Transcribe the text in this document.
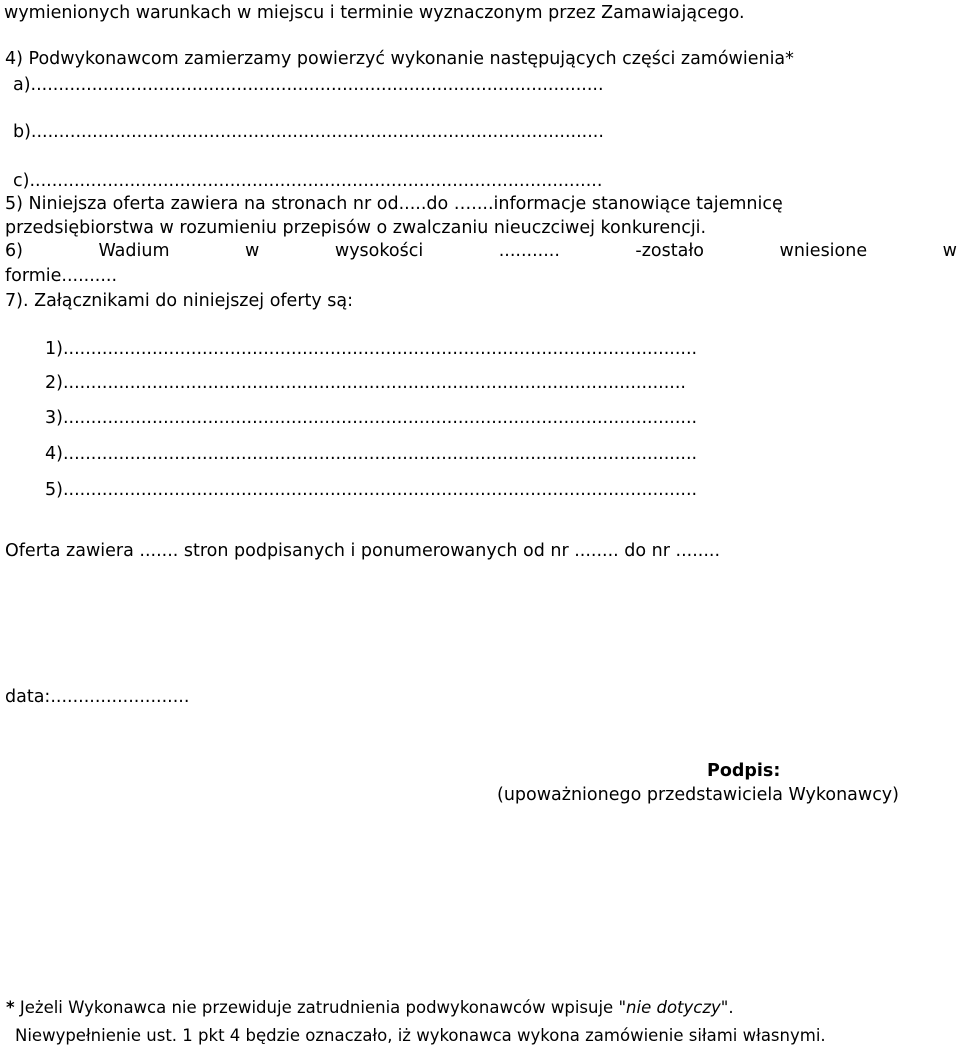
wymienionych warunkach w miejscu i terminie wyznaczonym przez Zamawiającego.

4) Podwykonawcom zamierzamy powierzyć wykonanie następujących części zamówienia*

a).......................................................................................................

b).......................................................................................................

c).......................................................................................................

5) Niniejsza oferta zawiera na stronach nr od.....do …....informacje stanowiące tajemnicę

przedsiębiorstwa w rozumieniu przepisów o zwalczaniu nieuczciwej konkurencji.

6)	Wadium	w	wysokości	...........	-zostało	wniesione	w

formie..........

7). Załącznikami do niniejszej oferty są:

1)..................................................................................................................

2)................................................................................................................

3)..................................................................................................................

4)..................................................................................................................

5)..................................................................................................................

Oferta zawiera ....... stron podpisanych i ponumerowanych od nr ........ do nr ........

data:.........................

Podpis:

(upoważnionego przedstawiciela Wykonawcy)

* Jeżeli Wykonawca nie przewiduje zatrudnienia podwykonawców wpisuje "nie dotyczy".

Niewypełnienie ust. 1 pkt 4 będzie oznaczało, iż wykonawca wykona zamówienie siłami własnymi.
